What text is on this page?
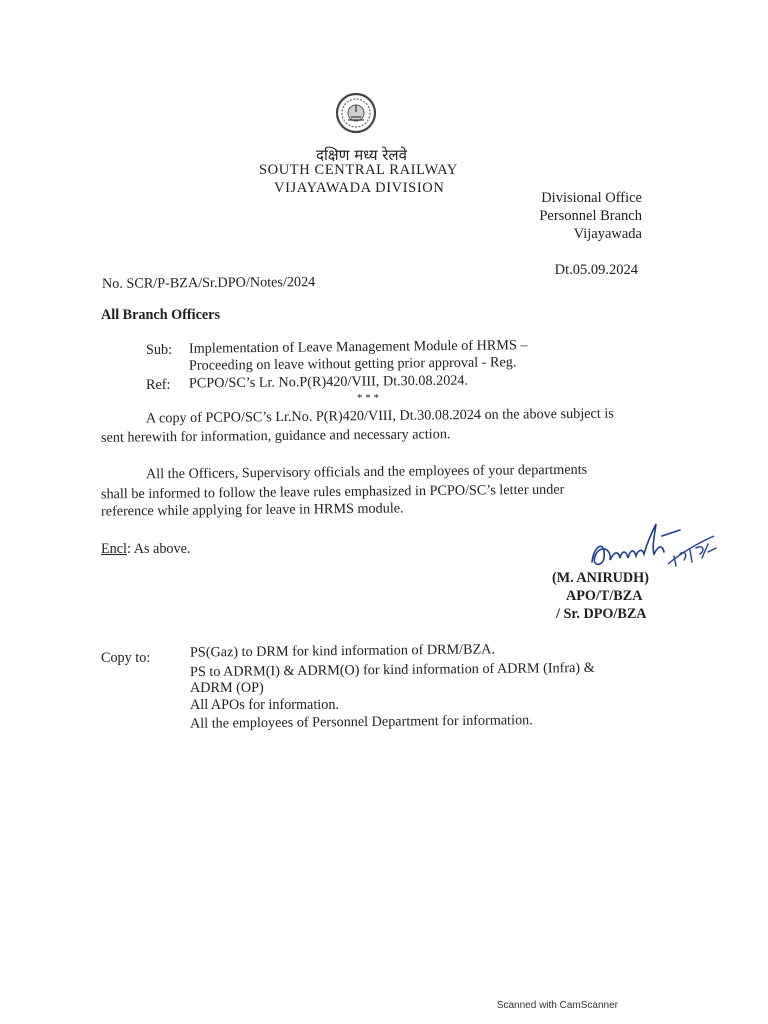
दक्षिण मध्य रेलवे
SOUTH CENTRAL RAILWAY
VIJAYAWADA DIVISION
Divisional Office
Personnel Branch
Vijayawada
Dt.05.09.2024
No. SCR/P-BZA/Sr.DPO/Notes/2024
All Branch Officers
Sub: Implementation of Leave Management Module of HRMS –
Proceeding on leave without getting prior approval - Reg.
Ref: PCPO/SC’s Lr. No.P(R)420/VIII, Dt.30.08.2024.
* * *
A copy of PCPO/SC’s Lr.No. P(R)420/VIII, Dt.30.08.2024 on the above subject is
sent herewith for information, guidance and necessary action.
All the Officers, Supervisory officials and the employees of your departments
shall be informed to follow the leave rules emphasized in PCPO/SC’s letter under
reference while applying for leave in HRMS module.
Encl: As above.
(M. ANIRUDH)
APO/T/BZA
/ Sr. DPO/BZA
Copy to:	PS(Gaz) to DRM for kind information of DRM/BZA.
PS to ADRM(I) & ADRM(O) for kind information of ADRM (Infra) &
ADRM (OP)
All APOs for information.
All the employees of Personnel Department for information.
Scanned with CamScanner
